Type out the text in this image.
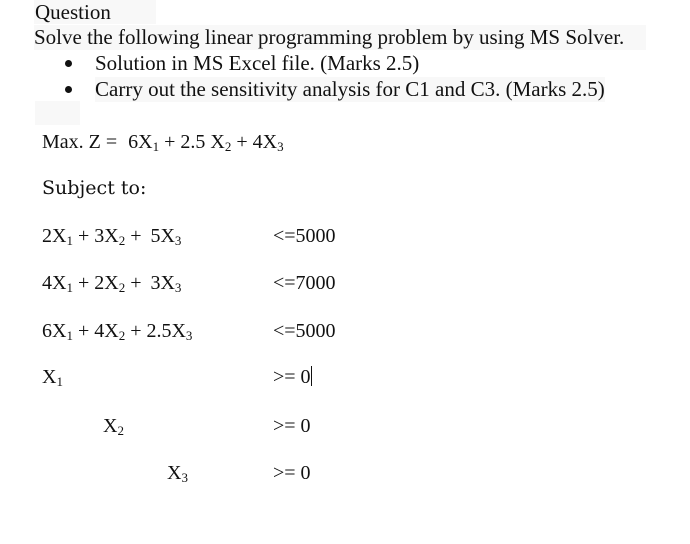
Question
Solve the following linear programming problem by using MS Solver.
Solution in MS Excel file. (Marks 2.5)
Carry out the sensitivity analysis for C1 and C3. (Marks 2.5)
Max. $Z = 6X_1 + 2.5$ $X_2 + 4X_3$
Subject to:
$2X_1 + 3X_2 + 5X_3$	<=5000
$4X_1 + 2X_2 + 3X_3$	<=7000
$6X_1 + 4X_2 + 2.5X_3$	<=5000
$X_1$	>= 0
$X_2$	>= 0
$X_3$	>= 0
